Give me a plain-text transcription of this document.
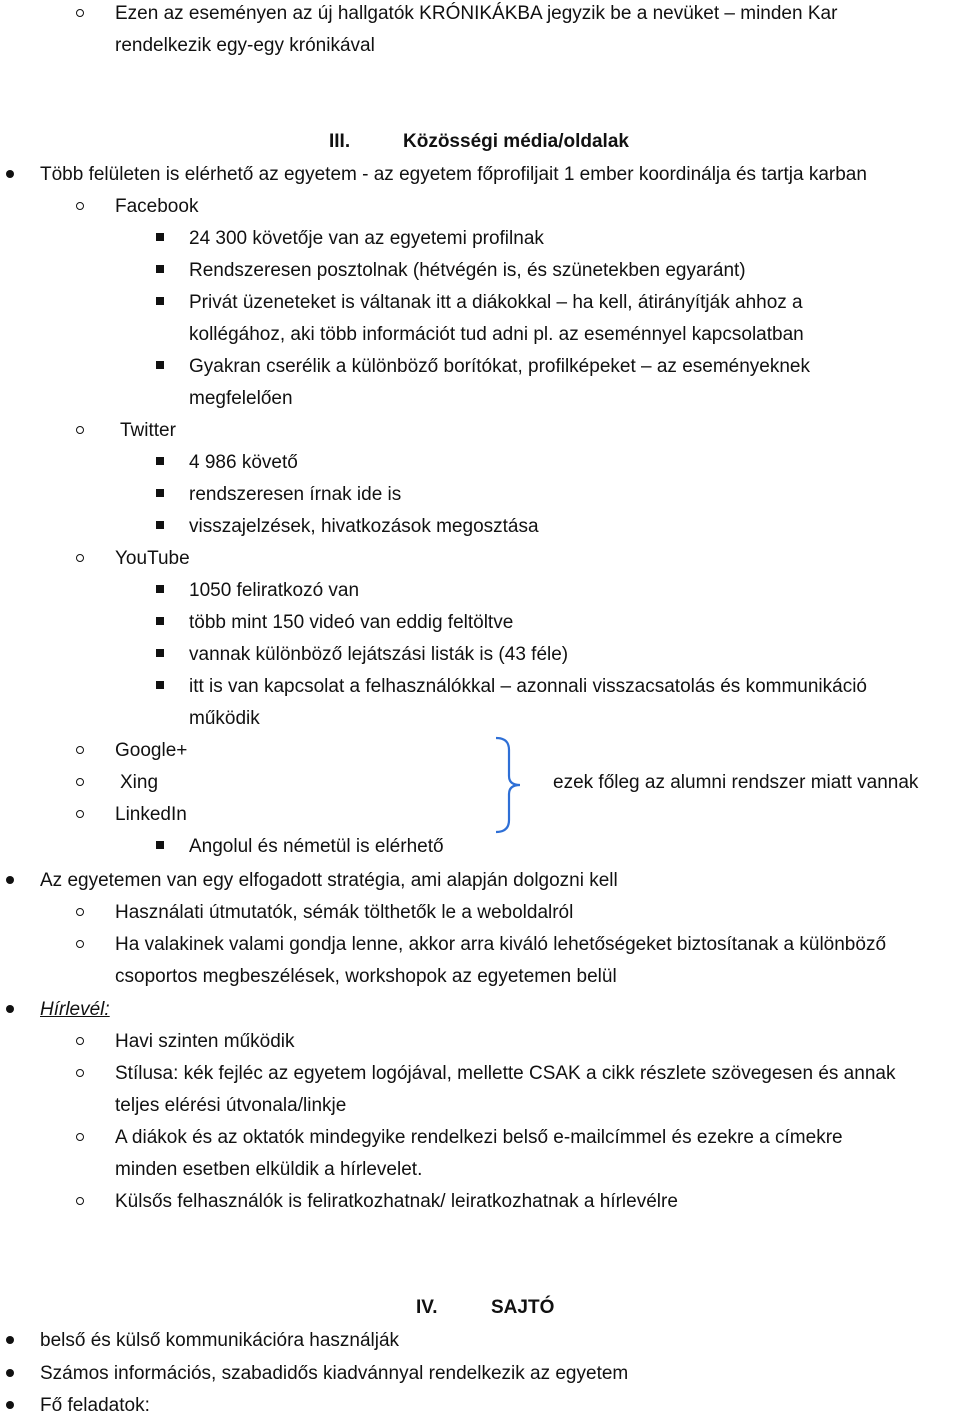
Ezen az eseményen az új hallgatók KRÓNIKÁKBA jegyzik be a nevüket – minden Kar
rendelkezik egy-egy krónikával
III.	Közösségi média/oldalak
Több felületen is elérhető az egyetem - az egyetem főprofiljait 1 ember koordinálja és tartja karban
Facebook
24 300 követője van az egyetemi profilnak
Rendszeresen posztolnak (hétvégén is, és szünetekben egyaránt)
Privát üzeneteket is váltanak itt a diákokkal – ha kell, átirányítják ahhoz a
kollégához, aki több információt tud adni pl. az eseménnyel kapcsolatban
Gyakran cserélik a különböző borítókat, profilképeket – az eseményeknek
megfelelően
Twitter
4 986 követő
rendszeresen írnak ide is
visszajelzések, hivatkozások megosztása
YouTube
1050 feliratkozó van
több mint 150 videó van eddig feltöltve
vannak különböző lejátszási listák is (43 féle)
itt is van kapcsolat a felhasználókkal – azonnali visszacsatolás és kommunikáció
működik
Google+
Xing
LinkedIn
ezek főleg az alumni rendszer miatt vannak
Angolul és németül is elérhető
Az egyetemen van egy elfogadott stratégia, ami alapján dolgozni kell
Használati útmutatók, sémák tölthetők le a weboldalról
Ha valakinek valami gondja lenne, akkor arra kiváló lehetőségeket biztosítanak a különböző
csoportos megbeszélések, workshopok az egyetemen belül
Hírlevél:
Havi szinten működik
Stílusa: kék fejléc az egyetem logójával, mellette CSAK a cikk részlete szövegesen és annak
teljes elérési útvonala/linkje
A diákok és az oktatók mindegyike rendelkezi belső e-mailcímmel és ezekre a címekre
minden esetben elküldik a hírlevelet.
Külsős felhasználók is feliratkozhatnak/ leiratkozhatnak a hírlevélre
IV.	SAJTÓ
belső és külső kommunikációra használják
Számos információs, szabadidős kiadvánnyal rendelkezik az egyetem
Fő feladatok:
